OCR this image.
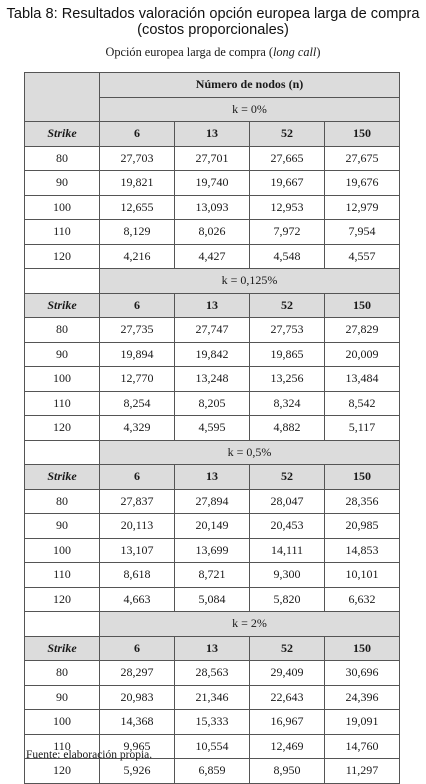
Tabla 8: Resultados valoración opción europea larga de compra (costos proporcionales)
Opción europea larga de compra (long call)
	Número de nodos (n)			
	k = 0%			
Strike	6	13	52	150
80	27,703	27,701	27,665	27,675
90	19,821	19,740	19,667	19,676
100	12,655	13,093	12,953	12,979
110	8,129	8,026	7,972	7,954
120	4,216	4,427	4,548	4,557
	k = 0,125%			
Strike	6	13	52	150
80	27,735	27,747	27,753	27,829
90	19,894	19,842	19,865	20,009
100	12,770	13,248	13,256	13,484
110	8,254	8,205	8,324	8,542
120	4,329	4,595	4,882	5,117
	k = 0,5%			
Strike	6	13	52	150
80	27,837	27,894	28,047	28,356
90	20,113	20,149	20,453	20,985
100	13,107	13,699	14,111	14,853
110	8,618	8,721	9,300	10,101
120	4,663	5,084	5,820	6,632
	k = 2%			
Strike	6	13	52	150
80	28,297	28,563	29,409	30,696
90	20,983	21,346	22,643	24,396
100	14,368	15,333	16,967	19,091
110	9,965	10,554	12,469	14,760
120	5,926	6,859	8,950	11,297
Fuente: elaboración propia.
